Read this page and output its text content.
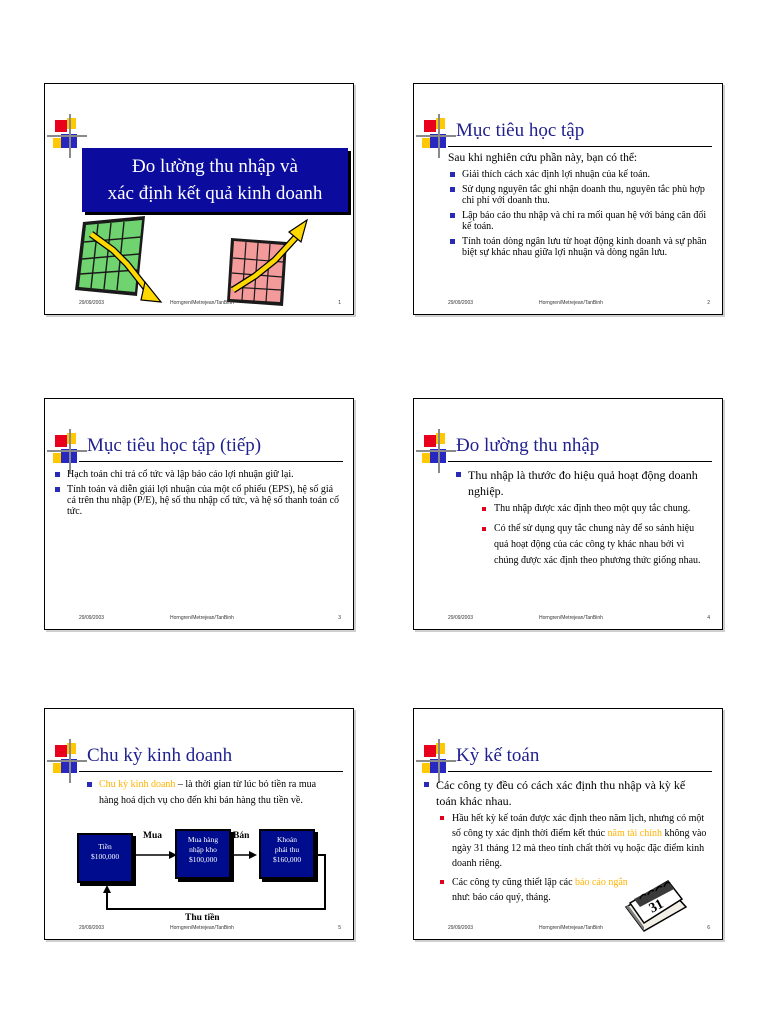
Đo lường thu nhập và
xác định kết quả kinh doanh
29/09/2003	Horngren/Metrejean/TanBinh	1
Mục tiêu học tập
Sau khi nghiên cứu phần này, bạn có thể:
Giải thích cách xác định lợi nhuận của kế toán.
Sử dụng nguyên tắc ghi nhận doanh thu, nguyên tắc phù hợp chi phí với doanh thu.
Lập báo cáo thu nhập và chỉ ra mối quan hệ với bảng cân đối kế toán.
Tính toán dòng ngân lưu từ hoạt động kinh doanh và sự phân biệt sự khác nhau giữa lợi nhuận và dòng ngân lưu.
29/09/2003	Horngren/Metrejean/TanBinh	2
Mục tiêu học tập (tiếp)
Hạch toán chi trả cổ tức và lập báo cáo lợi nhuận giữ lại.
Tính toán và diễn giải lợi nhuận của một cổ phiếu (EPS), hệ số giá cả trên thu nhập (P/E), hệ số thu nhập cổ tức, và hệ số thanh toán cổ tức.
29/09/2003	Horngren/Metrejean/TanBinh	3
Đo lường thu nhập
Thu nhập là thước đo hiệu quả hoạt động doanh nghiệp.
Thu nhập được xác định theo một quy tắc chung.
Có thể sử dụng quy tắc chung này để so sánh hiệu quả hoạt động của các công ty khác nhau bởi vì chúng được xác định theo phương thức giống nhau.
29/09/2003	Horngren/Metrejean/TanBinh	4
Chu kỳ kinh doanh
Chu kỳ kinh doanh – là thời gian từ lúc bỏ tiền ra mua hàng hoá dịch vụ cho đến khi bán hàng thu tiền về.
Tiền
$100,000
Mua hàng
nhập kho
$100,000
Khoản
phải thu
$160,000
Mua	Bán
Thu tiền
29/09/2003	Horngren/Metrejean/TanBinh	5
Kỳ kế toán
Các công ty đều có cách xác định thu nhập và kỳ kế toán khác nhau.
Hầu hết kỳ kế toán được xác định theo năm lịch, nhưng có một số công ty xác định thời điểm kết thúc năm tài chính không vào ngày 31 tháng 12 mà theo tính chất thời vụ hoặc đặc điểm kinh doanh riêng.
Các công ty cũng thiết lập các báo cáo ngắn như: báo cáo quý, tháng.	31
29/09/2003	Horngren/Metrejean/TanBinh	6
